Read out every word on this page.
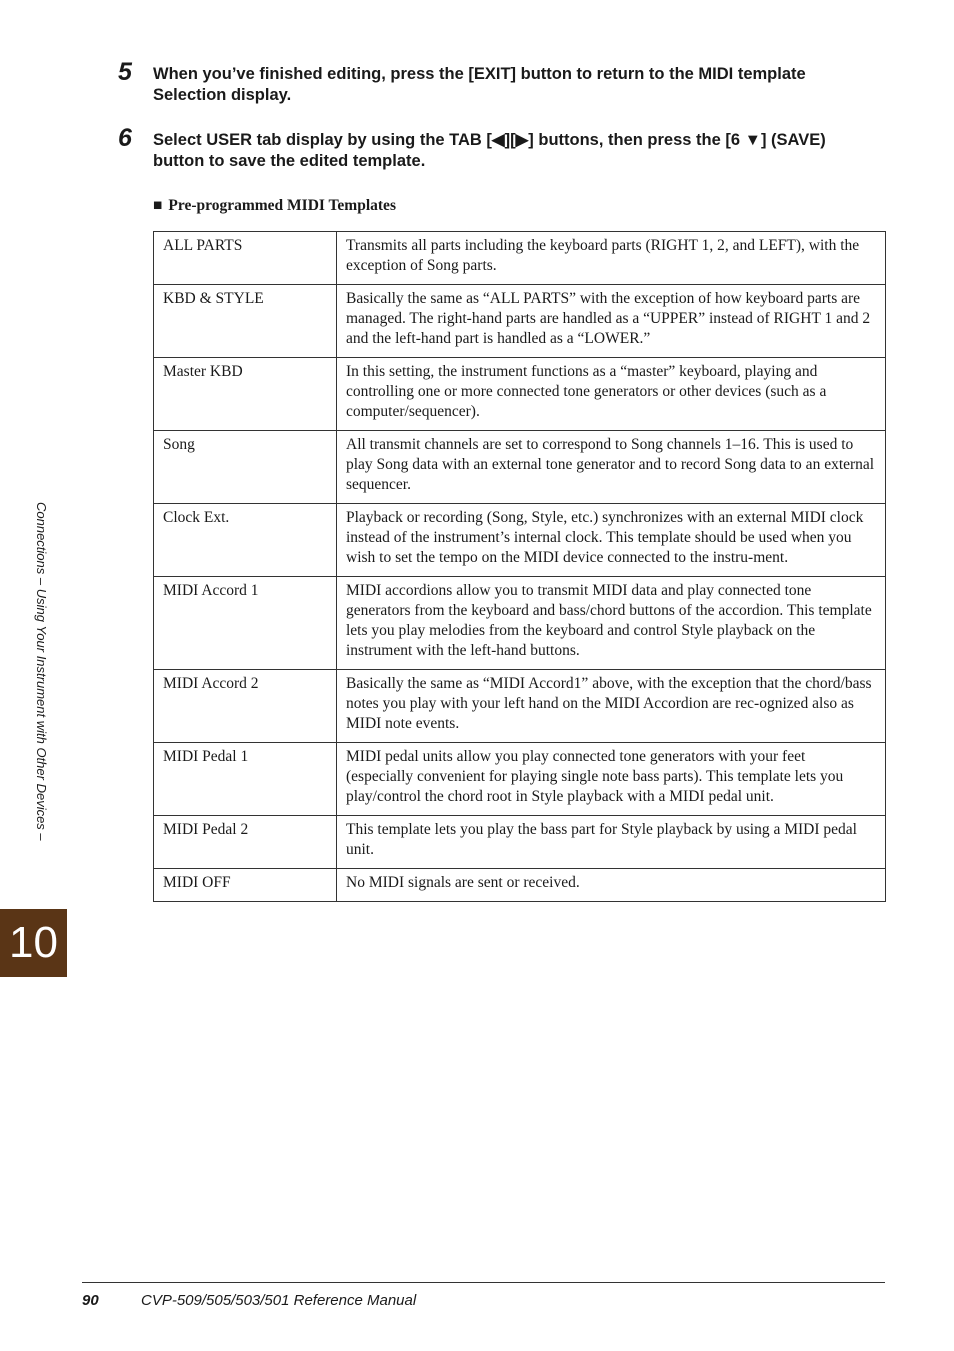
5 When you’ve finished editing, press the [EXIT] button to return to the MIDI template Selection display.
6 Select USER tab display by using the TAB [◀][▶] buttons, then press the [6 ▼] (SAVE) button to save the edited template.
■ Pre-programmed MIDI Templates
ALL PARTS	Transmits all parts including the keyboard parts (RIGHT 1, 2, and LEFT), with the exception of Song parts.
KBD & STYLE	Basically the same as “ALL PARTS” with the exception of how keyboard parts are managed. The right-hand parts are handled as a “UPPER” instead of RIGHT 1 and 2 and the left-hand part is handled as a “LOWER.”
Master KBD	In this setting, the instrument functions as a “master” keyboard, playing and controlling one or more connected tone generators or other devices (such as a computer/sequencer).
Song	All transmit channels are set to correspond to Song channels 1–16. This is used to play Song data with an external tone generator and to record Song data to an external sequencer.
Clock Ext.	Playback or recording (Song, Style, etc.) synchronizes with an external MIDI clock instead of the instrument’s internal clock. This template should be used when you wish to set the tempo on the MIDI device connected to the instru-ment.
MIDI Accord 1	MIDI accordions allow you to transmit MIDI data and play connected tone generators from the keyboard and bass/chord buttons of the accordion. This template lets you play melodies from the keyboard and control Style playback on the instrument with the left-hand buttons.
MIDI Accord 2	Basically the same as “MIDI Accord1” above, with the exception that the chord/bass notes you play with your left hand on the MIDI Accordion are rec-ognized also as MIDI note events.
MIDI Pedal 1	MIDI pedal units allow you play connected tone generators with your feet (especially convenient for playing single note bass parts). This template lets you play/control the chord root in Style playback with a MIDI pedal unit.
MIDI Pedal 2	This template lets you play the bass part for Style playback by using a MIDI pedal unit.
MIDI OFF	No MIDI signals are sent or received.
Connections – Using Your Instrument with Other Devices –
10
90	CVP-509/505/503/501 Reference Manual
